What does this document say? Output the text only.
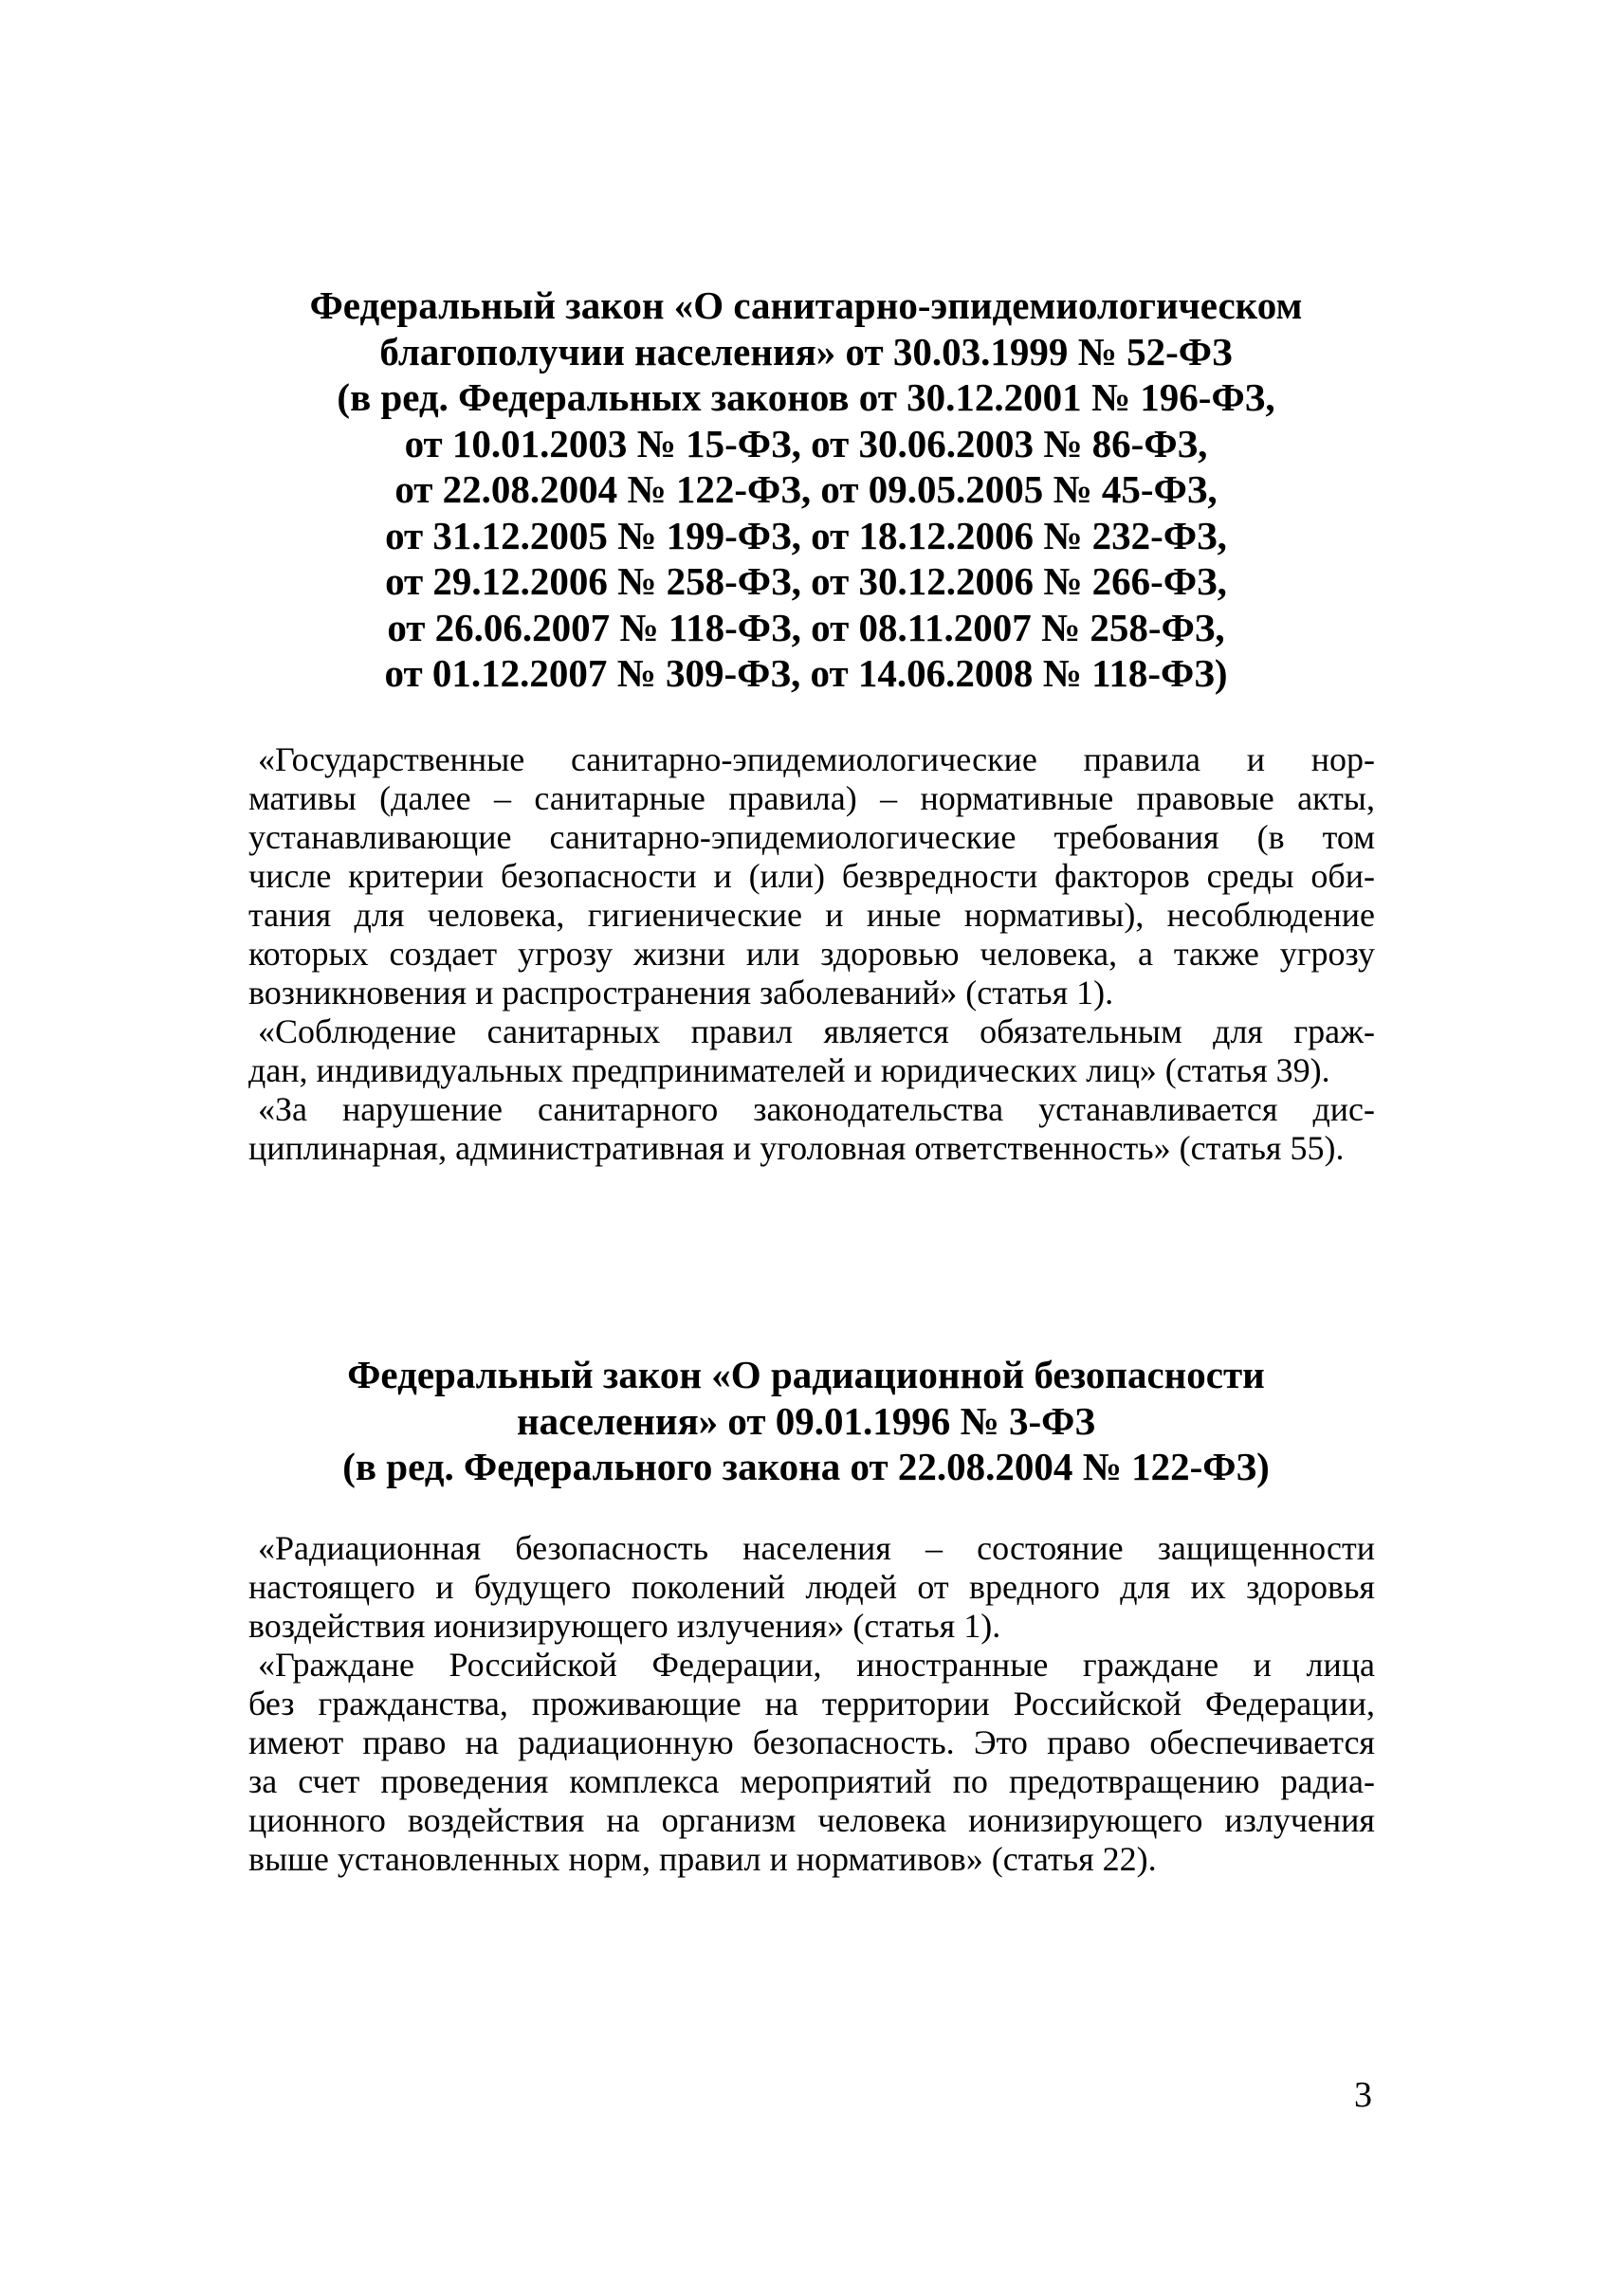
Федеральный закон «О санитарно-эпидемиологическом
благополучии населения» от 30.03.1999 № 52-ФЗ
(в ред. Федеральных законов от 30.12.2001 № 196-ФЗ,
от 10.01.2003 № 15-ФЗ, от 30.06.2003 № 86-ФЗ,
от 22.08.2004 № 122-ФЗ, от 09.05.2005 № 45-ФЗ,
от 31.12.2005 № 199-ФЗ, от 18.12.2006 № 232-ФЗ,
от 29.12.2006 № 258-ФЗ, от 30.12.2006 № 266-ФЗ,
от 26.06.2007 № 118-ФЗ, от 08.11.2007 № 258-ФЗ,
от 01.12.2007 № 309-ФЗ, от 14.06.2008 № 118-ФЗ)
«Государственные санитарно-эпидемиологические правила и нор-
мативы (далее – санитарные правила) – нормативные правовые акты,
устанавливающие санитарно-эпидемиологические требования (в том
числе критерии безопасности и (или) безвредности факторов среды оби-
тания для человека, гигиенические и иные нормативы), несоблюдение
которых создает угрозу жизни или здоровью человека, а также угрозу
возникновения и распространения заболеваний» (статья 1).
«Соблюдение санитарных правил является обязательным для граж-
дан, индивидуальных предпринимателей и юридических лиц» (статья 39).
«За нарушение санитарного законодательства устанавливается дис-
циплинарная, административная и уголовная ответственность» (статья 55).
Федеральный закон «О радиационной безопасности
населения» от 09.01.1996 № 3-ФЗ
(в ред. Федерального закона от 22.08.2004 № 122-ФЗ)
«Радиационная безопасность населения – состояние защищенности
настоящего и будущего поколений людей от вредного для их здоровья
воздействия ионизирующего излучения» (статья 1).
«Граждане Российской Федерации, иностранные граждане и лица
без гражданства, проживающие на территории Российской Федерации,
имеют право на радиационную безопасность. Это право обеспечивается
за счет проведения комплекса мероприятий по предотвращению радиа-
ционного воздействия на организм человека ионизирующего излучения
выше установленных норм, правил и нормативов» (статья 22).
3
